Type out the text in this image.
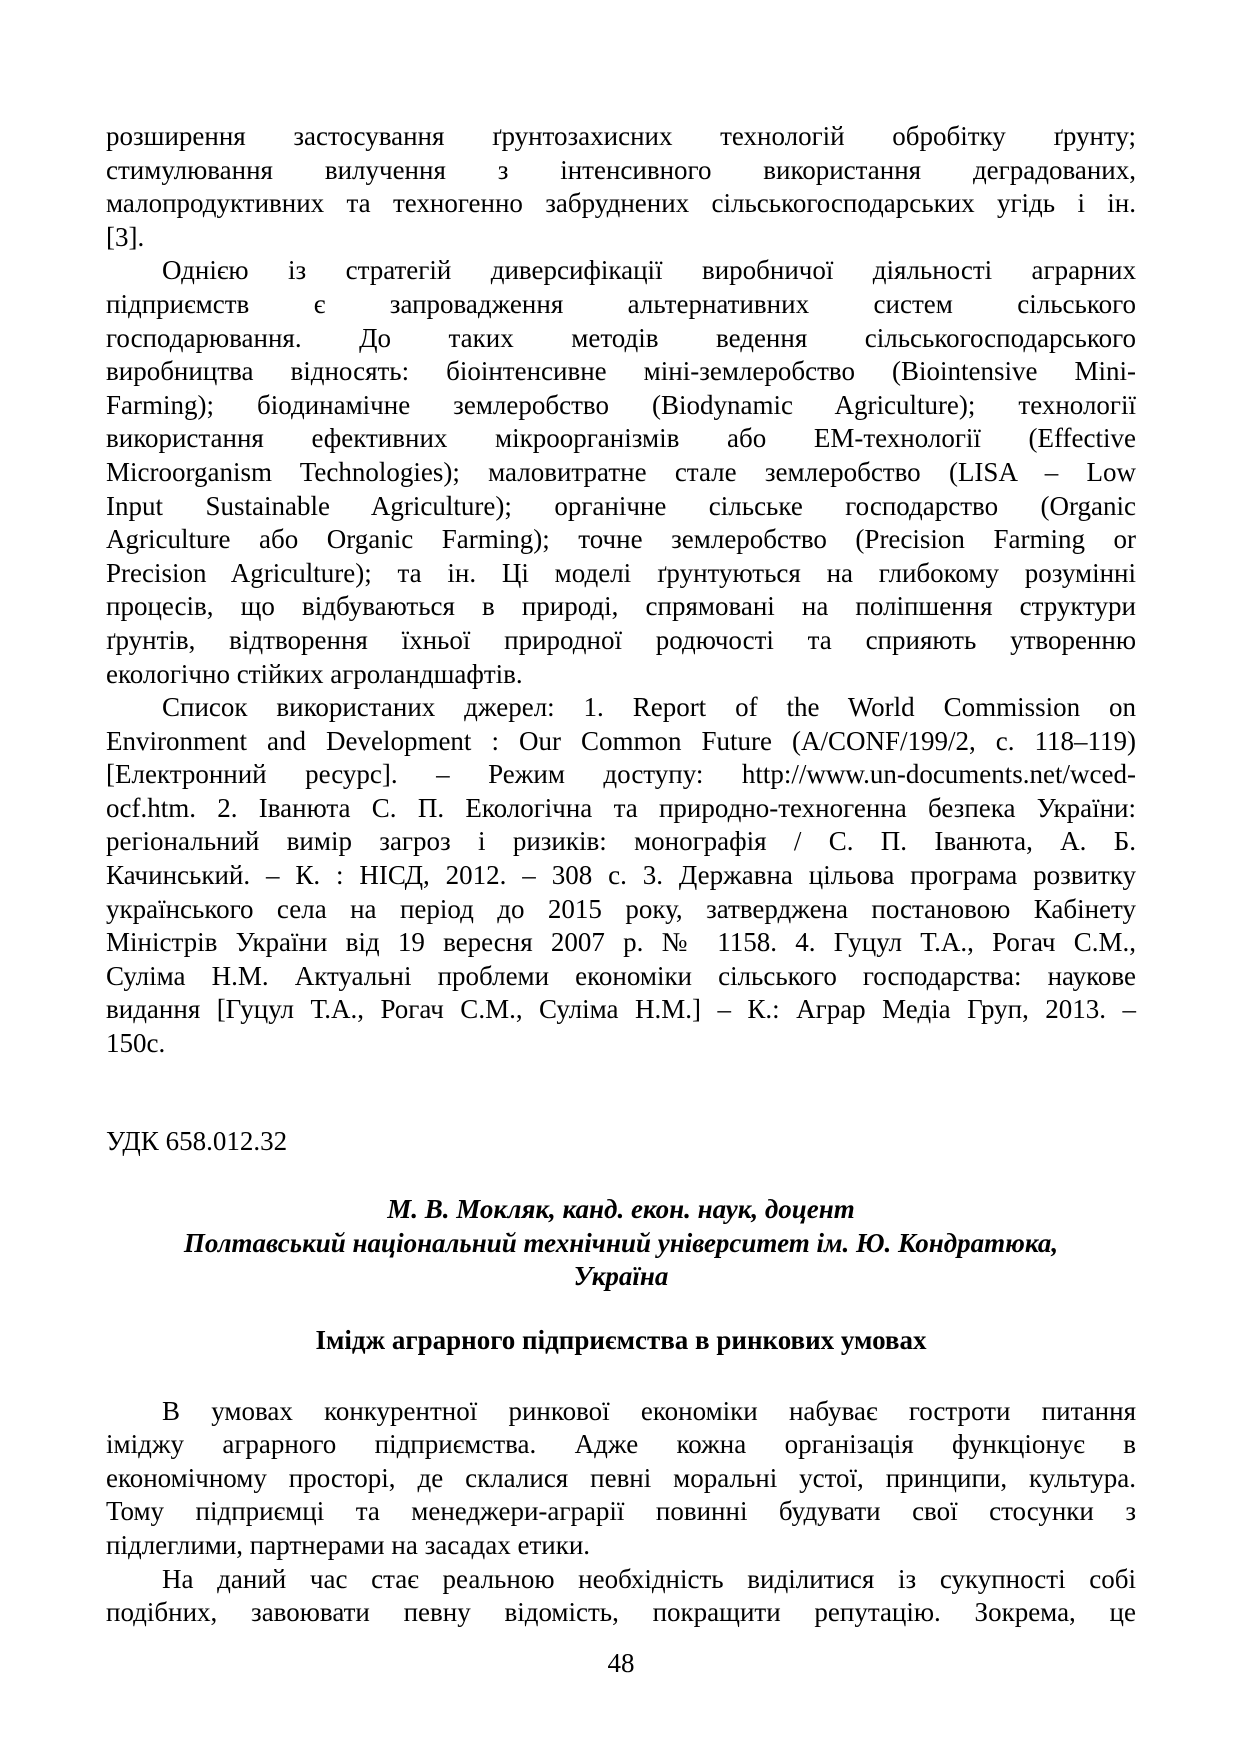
розширення застосування ґрунтозахисних технологій обробітку ґрунту;
стимулювання вилучення з інтенсивного використання деградованих,
малопродуктивних та техногенно забруднених сільськогосподарських угідь і ін.
[3].
Однією із стратегій диверсифікації виробничої діяльності аграрних
підприємств є запровадження альтернативних систем сільського
господарювання. До таких методів ведення сільськогосподарського
виробництва відносять: біоінтенсивне міні-землеробство (Biointensive Mini-
Farming); біодинамічне землеробство (Biodynamic Agriculture); технології
використання ефективних мікроорганізмів або ЕМ-технології (Effective
Microorganism Technologies); маловитратне стале землеробство (LISA – Low
Input Sustainable Agriculture); органічне сільське господарство (Organic
Agriculture або Organic Farming); точне землеробство (Precision Farming or
Precision Agriculture); та ін. Ці моделі ґрунтуються на глибокому розумінні
процесів, що відбуваються в природі, спрямовані на поліпшення структури
ґрунтів, відтворення їхньої природної родючості та сприяють утворенню
екологічно стійких агроландшафтів.
Список використаних джерел: 1. Report of the World Commission on
Environment and Development : Our Common Future (A/CONF/199/2, с. 118–119)
[Електронний ресурс]. – Режим доступу: http://www.un-documents.net/wced-
ocf.htm. 2. Іванюта С. П. Екологічна та природно-техногенна безпека України:
регіональний вимір загроз і ризиків: монографія / С. П. Іванюта, А. Б.
Качинський. – К. : НІСД, 2012. – 308 с. 3. Державна цільова програма розвитку
українського села на період до 2015 року, затверджена постановою Кабінету
Міністрів України від 19 вересня 2007 р. № 1158. 4. Гуцул Т.А., Рогач С.М.,
Суліма Н.М. Актуальні проблеми економіки сільського господарства: наукове
видання [Гуцул Т.А., Рогач С.М., Суліма Н.М.] – К.: Аграр Медіа Груп, 2013. –
150с.
УДК 658.012.32
М. В. Мокляк, канд. екон. наук, доцент
Полтавський національний технічний університет ім. Ю. Кондратюка,
Україна
Імідж аграрного підприємства в ринкових умовах
В умовах конкурентної ринкової економіки набуває гостроти питання
іміджу аграрного підприємства. Адже кожна організація функціонує в
економічному просторі, де склалися певні моральні устої, принципи, культура.
Тому підприємці та менеджери-аграрії повинні будувати свої стосунки з
підлеглими, партнерами на засадах етики.
На даний час стає реальною необхідність виділитися із сукупності собі
подібних, завоювати певну відомість, покращити репутацію. Зокрема, це
48
